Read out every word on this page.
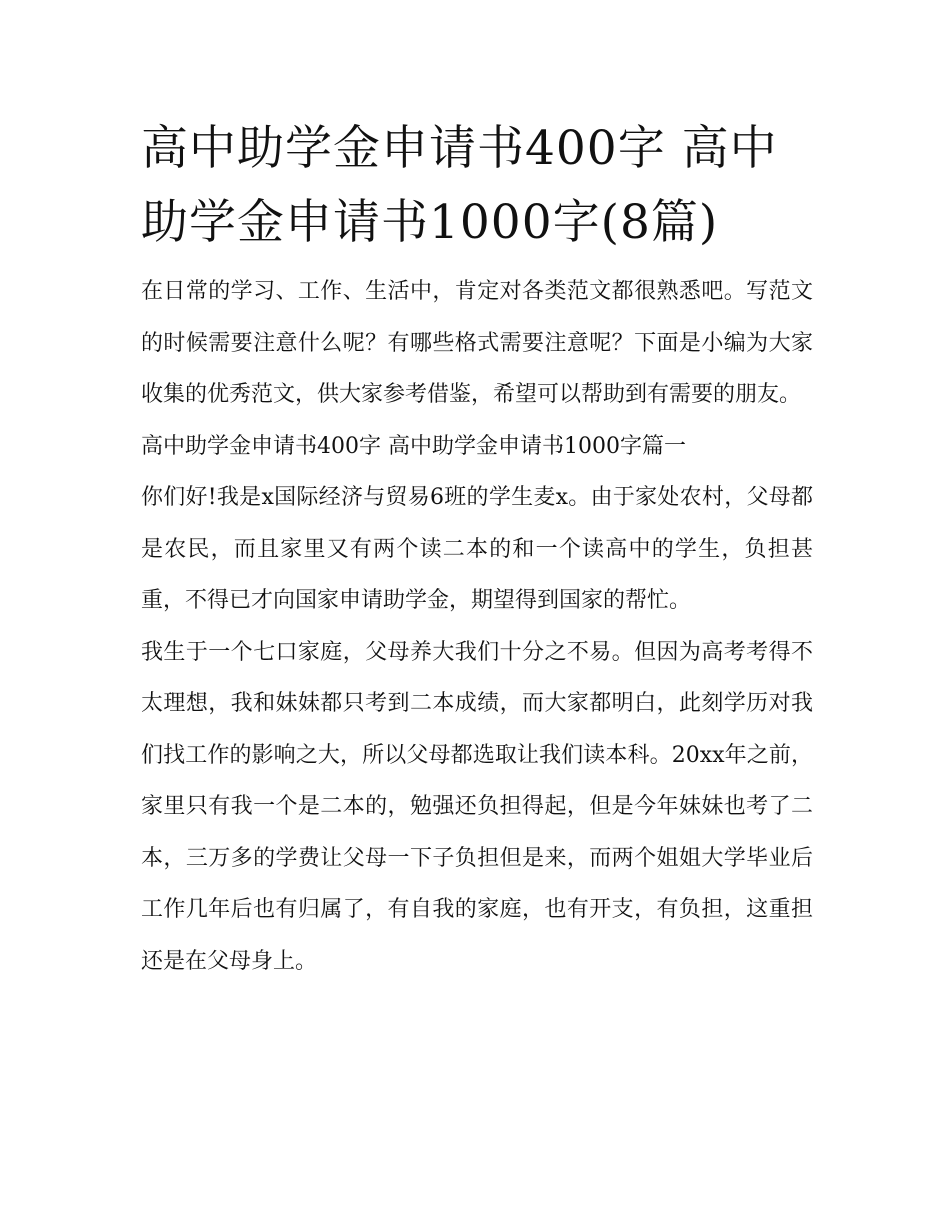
高中助学金申请书400字 高中助学金申请书1000字(8篇)

在日常的学习、工作、生活中，肯定对各类范文都很熟悉吧。写范文的时候需要注意什么呢？有哪些格式需要注意呢？下面是小编为大家收集的优秀范文，供大家参考借鉴，希望可以帮助到有需要的朋友。

高中助学金申请书400字 高中助学金申请书1000字篇一

你们好!我是x国际经济与贸易6班的学生麦x。由于家处农村，父母都是农民，而且家里又有两个读二本的和一个读高中的学生，负担甚重，不得已才向国家申请助学金，期望得到国家的帮忙。

我生于一个七口家庭，父母养大我们十分之不易。但因为高考考得不太理想，我和妹妹都只考到二本成绩，而大家都明白，此刻学历对我们找工作的影响之大，所以父母都选取让我们读本科。20xx年之前，家里只有我一个是二本的，勉强还负担得起，但是今年妹妹也考了二本，三万多的学费让父母一下子负担但是来，而两个姐姐大学毕业后工作几年后也有归属了，有自我的家庭，也有开支，有负担，这重担还是在父母身上。
